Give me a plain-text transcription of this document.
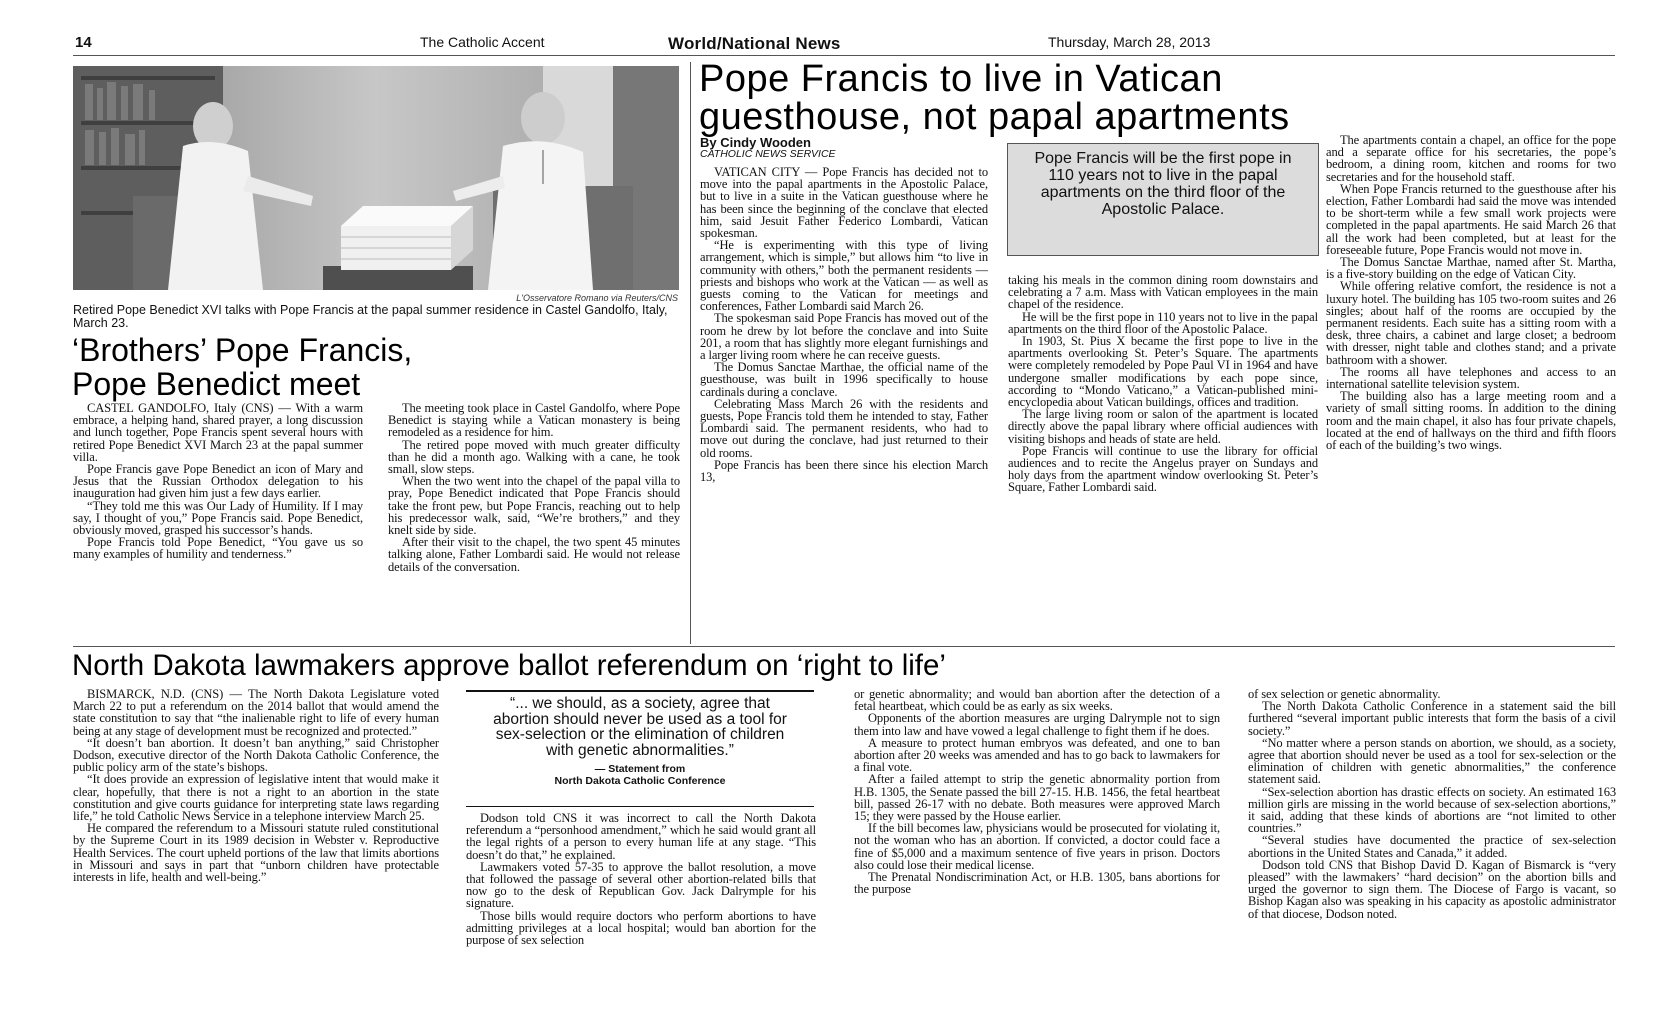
14	The Catholic Accent	World/National News	Thursday, March 28, 2013
L'Osservatore Romano via Reuters/CNS
Retired Pope Benedict XVI talks with Pope Francis at the papal summer residence in Castel Gandolfo, Italy, March 23.
‘Brothers’ Pope Francis,
Pope Benedict meet

CASTEL GANDOLFO, Italy (CNS) — With a warm embrace, a helping hand, shared prayer, a long discussion and lunch together, Pope Francis spent several hours with retired Pope Benedict XVI March 23 at the papal summer villa.

Pope Francis gave Pope Benedict an icon of Mary and Jesus that the Russian Orthodox delegation to his inauguration had given him just a few days earlier.

“They told me this was Our Lady of Humility. If I may say, I thought of you,” Pope Francis said. Pope Benedict, obviously moved, grasped his successor’s hands.

Pope Francis told Pope Benedict, “You gave us so many examples of humility and tenderness.”

The meeting took place in Castel Gandolfo, where Pope Benedict is staying while a Vatican monastery is being remodeled as a residence for him.

The retired pope moved with much greater difficulty than he did a month ago. Walking with a cane, he took small, slow steps.

When the two went into the chapel of the papal villa to pray, Pope Benedict indicated that Pope Francis should take the front pew, but Pope Francis, reaching out to help his predecessor walk, said, “We’re brothers,” and they knelt side by side.

After their visit to the chapel, the two spent 45 minutes talking alone, Father Lombardi said. He would not release details of the conversation.

Pope Francis to live in Vatican
guesthouse, not papal apartments
By Cindy Wooden
CATHOLIC NEWS SERVICE	Pope Francis will be the first pope in 110 years not to live in the papal apartments on the third floor of the Apostolic Palace.

VATICAN CITY — Pope Francis has decided not to move into the papal apartments in the Apostolic Palace, but to live in a suite in the Vatican guesthouse where he has been since the beginning of the conclave that elected him, said Jesuit Father Federico Lombardi, Vatican spokesman.

“He is experimenting with this type of living arrangement, which is simple,” but allows him “to live in community with others,” both the permanent residents — priests and bishops who work at the Vatican — as well as guests coming to the Vatican for meetings and conferences, Father Lombardi said March 26.

The spokesman said Pope Francis has moved out of the room he drew by lot before the conclave and into Suite 201, a room that has slightly more elegant furnishings and a larger living room where he can receive guests.

The Domus Sanctae Marthae, the official name of the guesthouse, was built in 1996 specifically to house cardinals during a conclave.

Celebrating Mass March 26 with the residents and guests, Pope Francis told them he intended to stay, Father Lombardi said. The permanent residents, who had to move out during the conclave, had just returned to their old rooms.

Pope Francis has been there since his election March 13,

taking his meals in the common dining room downstairs and celebrating a 7 a.m. Mass with Vatican employees in the main chapel of the residence.

He will be the first pope in 110 years not to live in the papal apartments on the third floor of the Apostolic Palace.

In 1903, St. Pius X became the first pope to live in the apartments overlooking St. Peter’s Square. The apartments were completely remodeled by Pope Paul VI in 1964 and have undergone smaller modifications by each pope since, according to “Mondo Vaticano,” a Vatican-published mini-encyclopedia about Vatican buildings, offices and tradition.

The large living room or salon of the apartment is located directly above the papal library where official audiences with visiting bishops and heads of state are held.

Pope Francis will continue to use the library for official audiences and to recite the Angelus prayer on Sundays and holy days from the apartment window overlooking St. Peter’s Square, Father Lombardi said.

The apartments contain a chapel, an office for the pope and a separate office for his secretaries, the pope’s bedroom, a dining room, kitchen and rooms for two secretaries and for the household staff.

When Pope Francis returned to the guesthouse after his election, Father Lombardi had said the move was intended to be short-term while a few small work projects were completed in the papal apartments. He said March 26 that all the work had been completed, but at least for the foreseeable future, Pope Francis would not move in.

The Domus Sanctae Marthae, named after St. Martha, is a five-story building on the edge of Vatican City.

While offering relative comfort, the residence is not a luxury hotel. The building has 105 two-room suites and 26 singles; about half of the rooms are occupied by the permanent residents. Each suite has a sitting room with a desk, three chairs, a cabinet and large closet; a bedroom with dresser, night table and clothes stand; and a private bathroom with a shower.

The rooms all have telephones and access to an international satellite television system.

The building also has a large meeting room and a variety of small sitting rooms. In addition to the dining room and the main chapel, it also has four private chapels, located at the end of hallways on the third and fifth floors of each of the building’s two wings.

North Dakota lawmakers approve ballot referendum on ‘right to life’

BISMARCK, N.D. (CNS) — The North Dakota Legislature voted March 22 to put a referendum on the 2014 ballot that would amend the state constitution to say that “the inalienable right to life of every human being at any stage of development must be recognized and protected.”

“It doesn’t ban abortion. It doesn’t ban anything,” said Christopher Dodson, executive director of the North Dakota Catholic Conference, the public policy arm of the state’s bishops.

“It does provide an expression of legislative intent that would make it clear, hopefully, that there is not a right to an abortion in the state constitution and give courts guidance for interpreting state laws regarding life,” he told Catholic News Service in a telephone interview March 25.

He compared the referendum to a Missouri statute ruled constitutional by the Supreme Court in its 1989 decision in Webster v. Reproductive Health Services. The court upheld portions of the law that limits abortions in Missouri and says in part that “unborn children have protectable interests in life, health and well-being.”

“... we should, as a society, agree that abortion should never be used as a tool for sex-selection or the elimination of children with genetic abnormalities.”
— Statement from
North Dakota Catholic Conference

Dodson told CNS it was incorrect to call the North Dakota referendum a “personhood amendment,” which he said would grant all the legal rights of a person to every human life at any stage. “This doesn’t do that,” he explained.

Lawmakers voted 57-35 to approve the ballot resolution, a move that followed the passage of several other abortion-related bills that now go to the desk of Republican Gov. Jack Dalrymple for his signature.

Those bills would require doctors who perform abortions to have admitting privileges at a local hospital; would ban abortion for the purpose of sex selection

or genetic abnormality; and would ban abortion after the detection of a fetal heartbeat, which could be as early as six weeks.

Opponents of the abortion measures are urging Dalrymple not to sign them into law and have vowed a legal challenge to fight them if he does.

A measure to protect human embryos was defeated, and one to ban abortion after 20 weeks was amended and has to go back to lawmakers for a final vote.

After a failed attempt to strip the genetic abnormality portion from H.B. 1305, the Senate passed the bill 27-15. H.B. 1456, the fetal heartbeat bill, passed 26-17 with no debate. Both measures were approved March 15; they were passed by the House earlier.

If the bill becomes law, physicians would be prosecuted for violating it, not the woman who has an abortion. If convicted, a doctor could face a fine of $5,000 and a maximum sentence of five years in prison. Doctors also could lose their medical license.

The Prenatal Nondiscrimination Act, or H.B. 1305, bans abortions for the purpose

of sex selection or genetic abnormality.

The North Dakota Catholic Conference in a statement said the bill furthered “several important public interests that form the basis of a civil society.”

“No matter where a person stands on abortion, we should, as a society, agree that abortion should never be used as a tool for sex-selection or the elimination of children with genetic abnormalities,” the conference statement said.

“Sex-selection abortion has drastic effects on society. An estimated 163 million girls are missing in the world because of sex-selection abortions,” it said, adding that these kinds of abortions are “not limited to other countries.”

“Several studies have documented the practice of sex-selection abortions in the United States and Canada,” it added.

Dodson told CNS that Bishop David D. Kagan of Bismarck is “very pleased” with the lawmakers’ “hard decision” on the abortion bills and urged the governor to sign them. The Diocese of Fargo is vacant, so Bishop Kagan also was speaking in his capacity as apostolic administrator of that diocese, Dodson noted.
